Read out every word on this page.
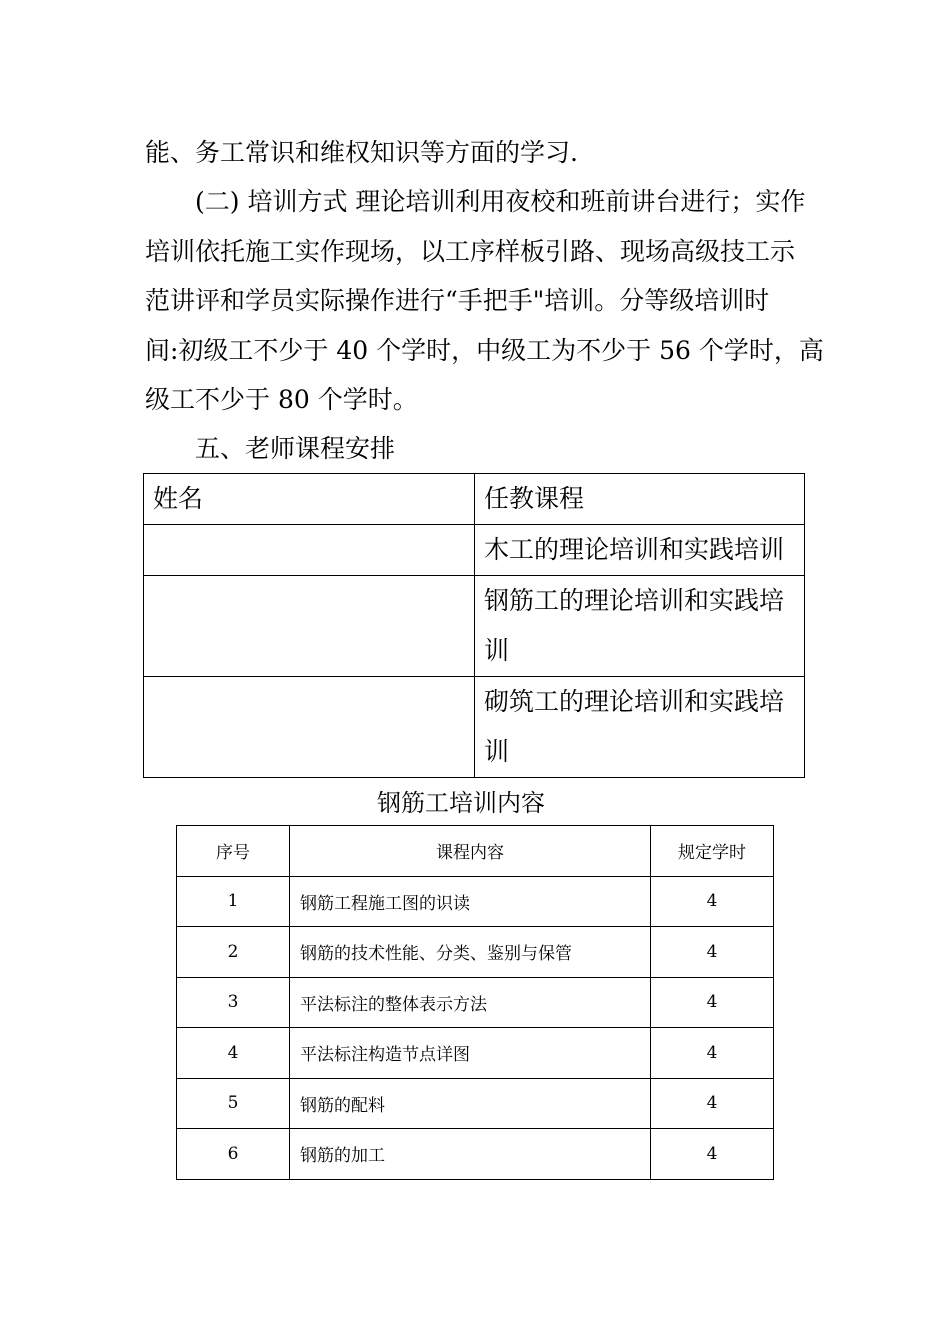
能、务工常识和维权知识等方面的学习.

(二) 培训方式 理论培训利用夜校和班前讲台进行；实作
培训依托施工实作现场，以工序样板引路、现场高级技工示
范讲评和学员实际操作进行“手把手"培训。分等级培训时
间:初级工不少于 40 个学时，中级工为不少于 56 个学时，高
级工不少于 80 个学时。
五、老师课程安排
姓名	任教课程
	木工的理论培训和实践培训
	钢筋工的理论培训和实践培训
	砌筑工的理论培训和实践培训
钢筋工培训内容
序号	课程内容	规定学时
1	钢筋工程施工图的识读	4
2	钢筋的技术性能、分类、鉴别与保管	4
3	平法标注的整体表示方法	4
4	平法标注构造节点详图	4
5	钢筋的配料	4
6	钢筋的加工	4
